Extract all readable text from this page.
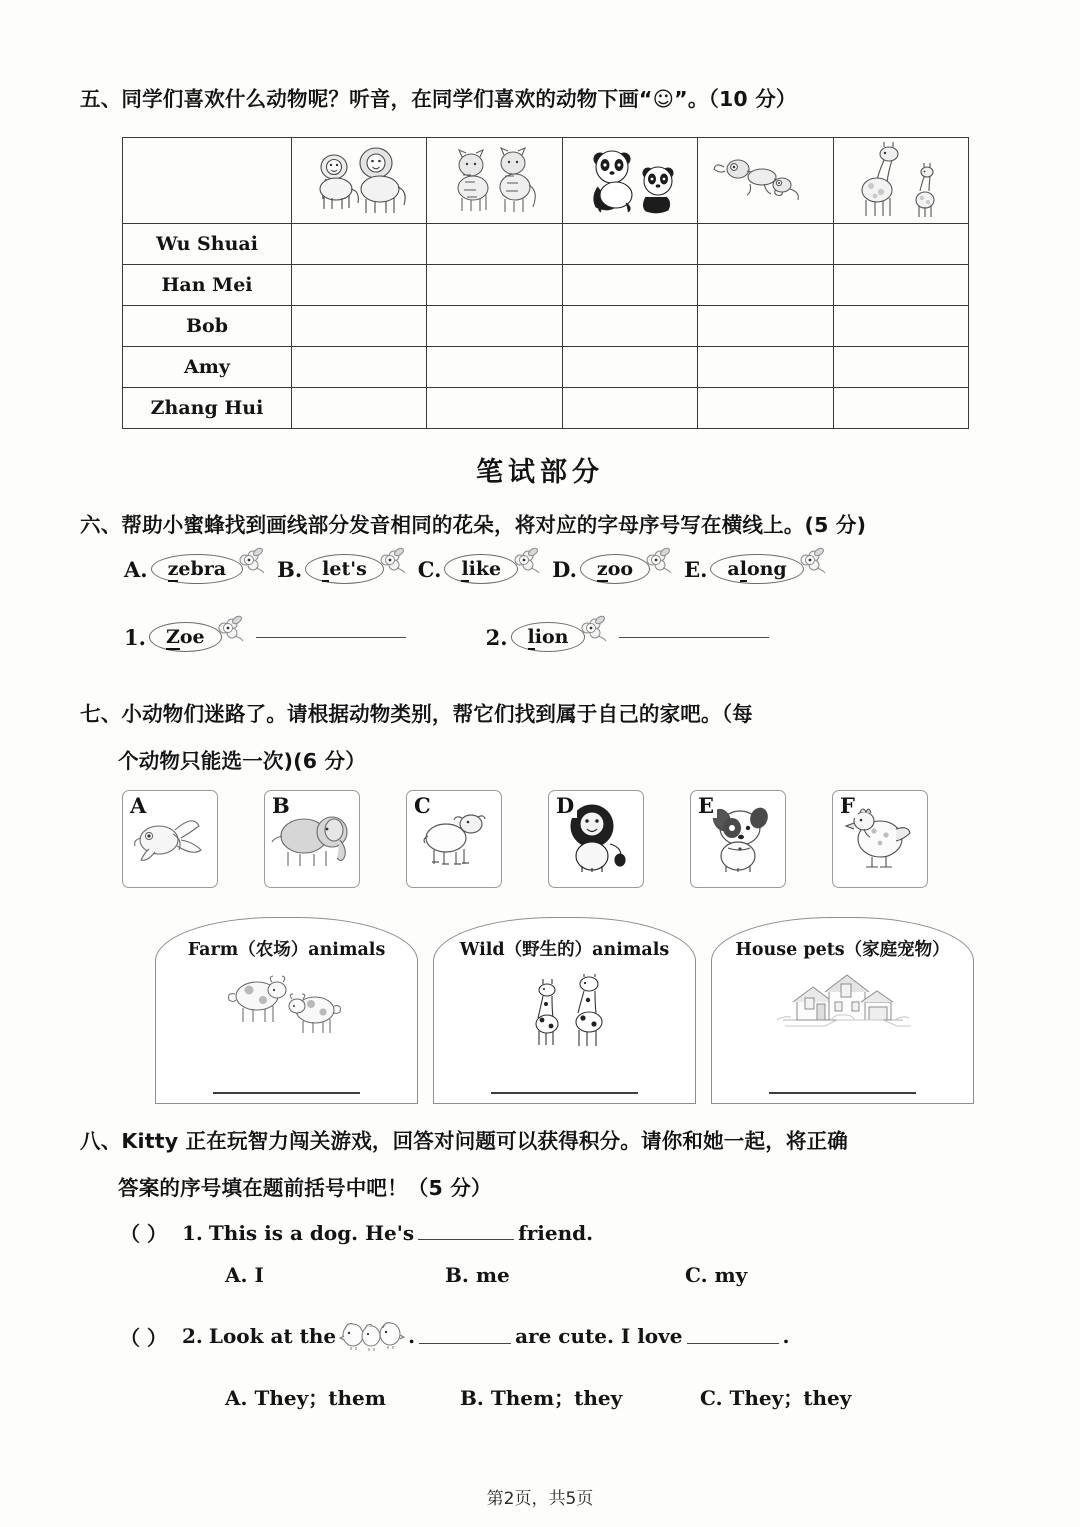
五、同学们喜欢什么动物呢？听音，在同学们喜欢的动物下画“☺”。（10 分）

Wu Shuai					
Han Mei					
Bob					
Amy					
Zhang Hui					
笔试部分
六、帮助小蜜蜂找到画线部分发音相同的花朵，将对应的字母序号写在横线上。(5 分)
A. zebra B. let's C. like D. zoo E. along
1. Zoe	2. lion
七、小动物们迷路了。请根据动物类别，帮它们找到属于自己的家吧。（每
个动物只能选一次)(6 分）
A	B	C	D	E	F
Farm（农场）animals	Wild（野生的）animals	House pets（家庭宠物）
八、Kitty 正在玩智力闯关游戏，回答对问题可以获得积分。请你和她一起，将正确
答案的序号填在题前括号中吧！（5 分）
（ ） 1. This is a dog. He's	friend.
A. I	B. me	C. my
（ ） 2. Look at the	.	are cute. I love	.
A. They；them	B. Them；they	C. They；they
第2页，共5页
